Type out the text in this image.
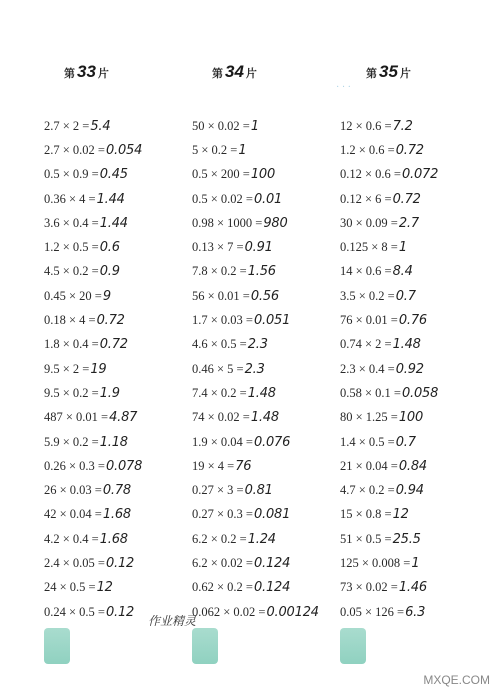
第 33 片
2.7 × 2 = 5.4
2.7 × 0.02 = 0.054
0.5 × 0.9 = 0.45
0.36 × 4 = 1.44
3.6 × 0.4 = 1.44
1.2 × 0.5 = 0.6
4.5 × 0.2 = 0.9
0.45 × 20 = 9
0.18 × 4 = 0.72
1.8 × 0.4 = 0.72
9.5 × 2 = 19
9.5 × 0.2 = 1.9
487 × 0.01 = 4.87
5.9 × 0.2 = 1.18
0.26 × 0.3 = 0.078
26 × 0.03 = 0.78
42 × 0.04 = 1.68
4.2 × 0.4 = 1.68
2.4 × 0.05 = 0.12
24 × 0.5 = 12
0.24 × 0.5 = 0.12
第 34 片
50 × 0.02 = 1
5 × 0.2 = 1
0.5 × 200 = 100
0.5 × 0.02 = 0.01
0.98 × 1000 = 980
0.13 × 7 = 0.91
7.8 × 0.2 = 1.56
56 × 0.01 = 0.56
1.7 × 0.03 = 0.051
4.6 × 0.5 = 2.3
0.46 × 5 = 2.3
7.4 × 0.2 = 1.48
74 × 0.02 = 1.48
1.9 × 0.04 = 0.076
19 × 4 = 76
0.27 × 3 = 0.81
0.27 × 0.3 = 0.081
6.2 × 0.2 = 1.24
6.2 × 0.02 = 0.124
0.62 × 0.2 = 0.124
0.062 × 0.02 = 0.00124
第 35 片
12 × 0.6 = 7.2
1.2 × 0.6 = 0.72
0.12 × 0.6 = 0.072
0.12 × 6 = 0.72
30 × 0.09 = 2.7
0.125 × 8 = 1
14 × 0.6 = 8.4
3.5 × 0.2 = 0.7
76 × 0.01 = 0.76
0.74 × 2 = 1.48
2.3 × 0.4 = 0.92
0.58 × 0.1 = 0.058
80 × 1.25 = 100
1.4 × 0.5 = 0.7
21 × 0.04 = 0.84
4.7 × 0.2 = 0.94
15 × 0.8 = 12
51 × 0.5 = 25.5
125 × 0.008 = 1
73 × 0.02 = 1.46
0.05 × 126 = 6.3
· · ·
作业精灵
MXQE.COM
